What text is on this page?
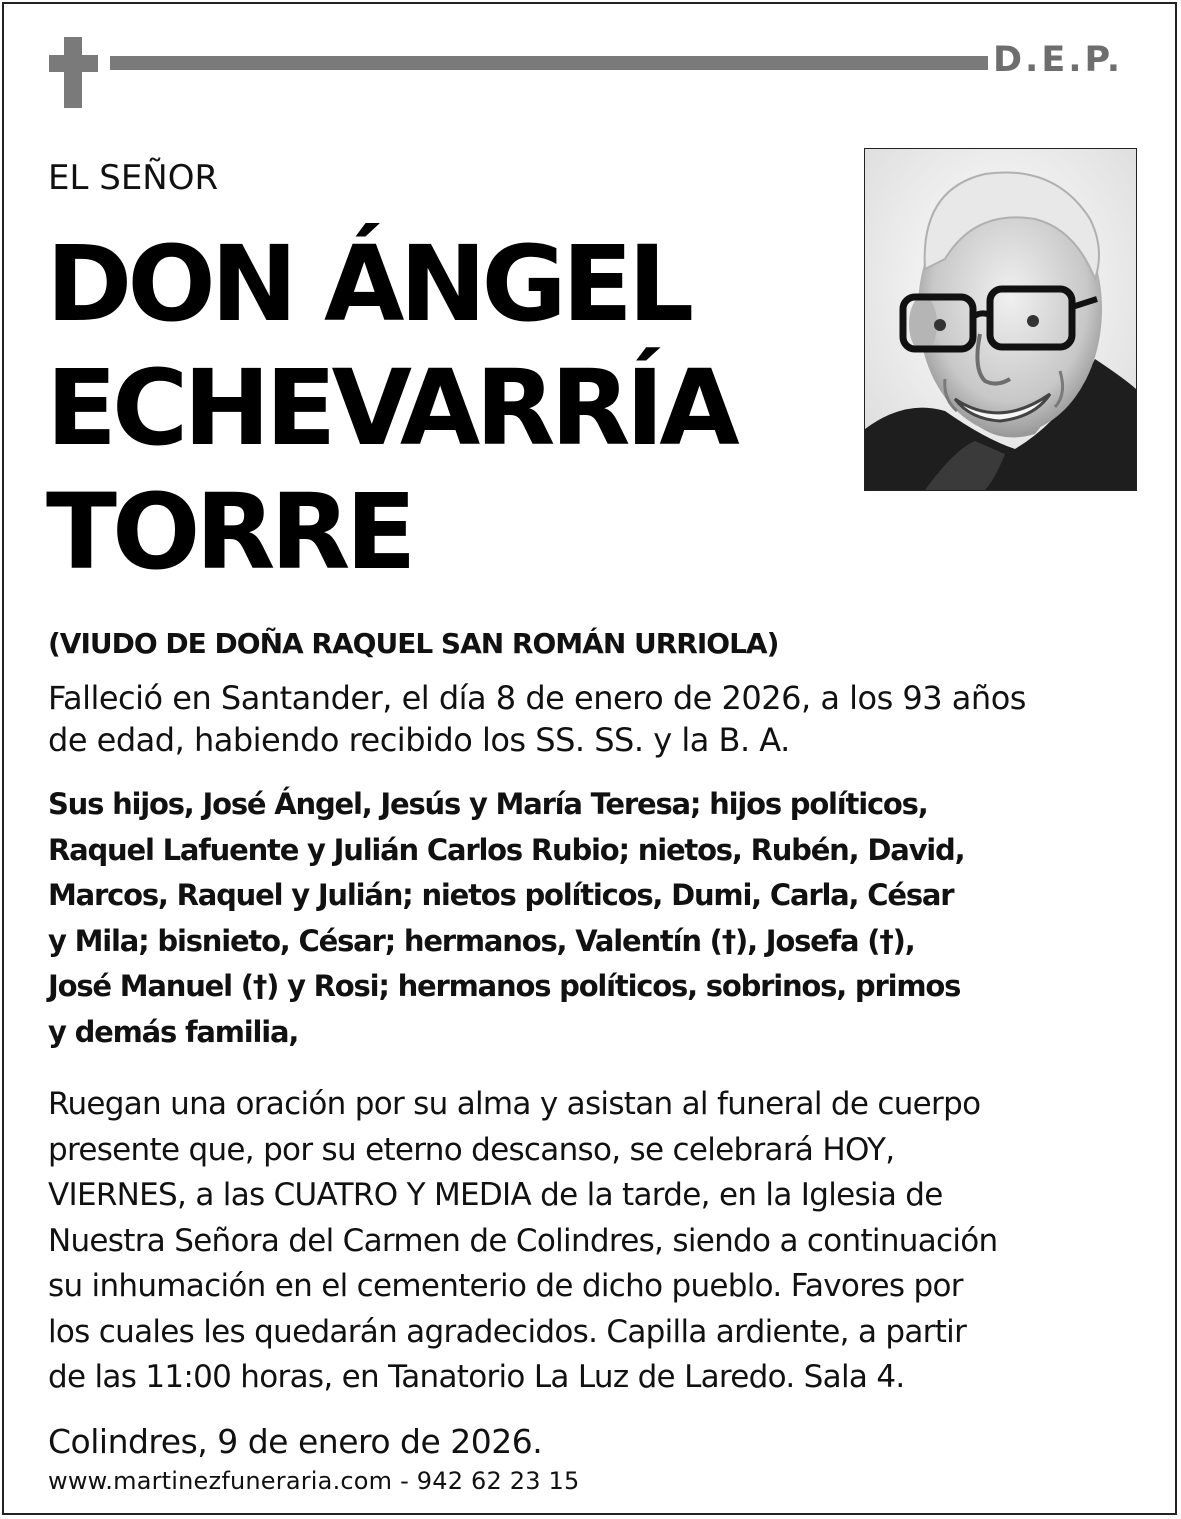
D.E.P.
EL SEÑOR
DON ÁNGEL
ECHEVARRÍA
TORRE
(VIUDO DE DOÑA RAQUEL SAN ROMÁN URRIOLA)
Falleció en Santander, el día 8 de enero de 2026, a los 93 años
de edad, habiendo recibido los SS. SS. y la B. A.
Sus hijos, José Ángel, Jesús y María Teresa; hijos políticos,
Raquel Lafuente y Julián Carlos Rubio; nietos, Rubén, David,
Marcos, Raquel y Julián; nietos políticos, Dumi, Carla, César
y Mila; bisnieto, César; hermanos, Valentín (†), Josefa (†),
José Manuel (†) y Rosi; hermanos políticos, sobrinos, primos
y demás familia,
Ruegan una oración por su alma y asistan al funeral de cuerpo
presente que, por su eterno descanso, se celebrará HOY,
VIERNES, a las CUATRO Y MEDIA de la tarde, en la Iglesia de
Nuestra Señora del Carmen de Colindres, siendo a continuación
su inhumación en el cementerio de dicho pueblo. Favores por
los cuales les quedarán agradecidos. Capilla ardiente, a partir
de las 11:00 horas, en Tanatorio La Luz de Laredo. Sala 4.
Colindres, 9 de enero de 2026.
www.martinezfuneraria.com - 942 62 23 15
